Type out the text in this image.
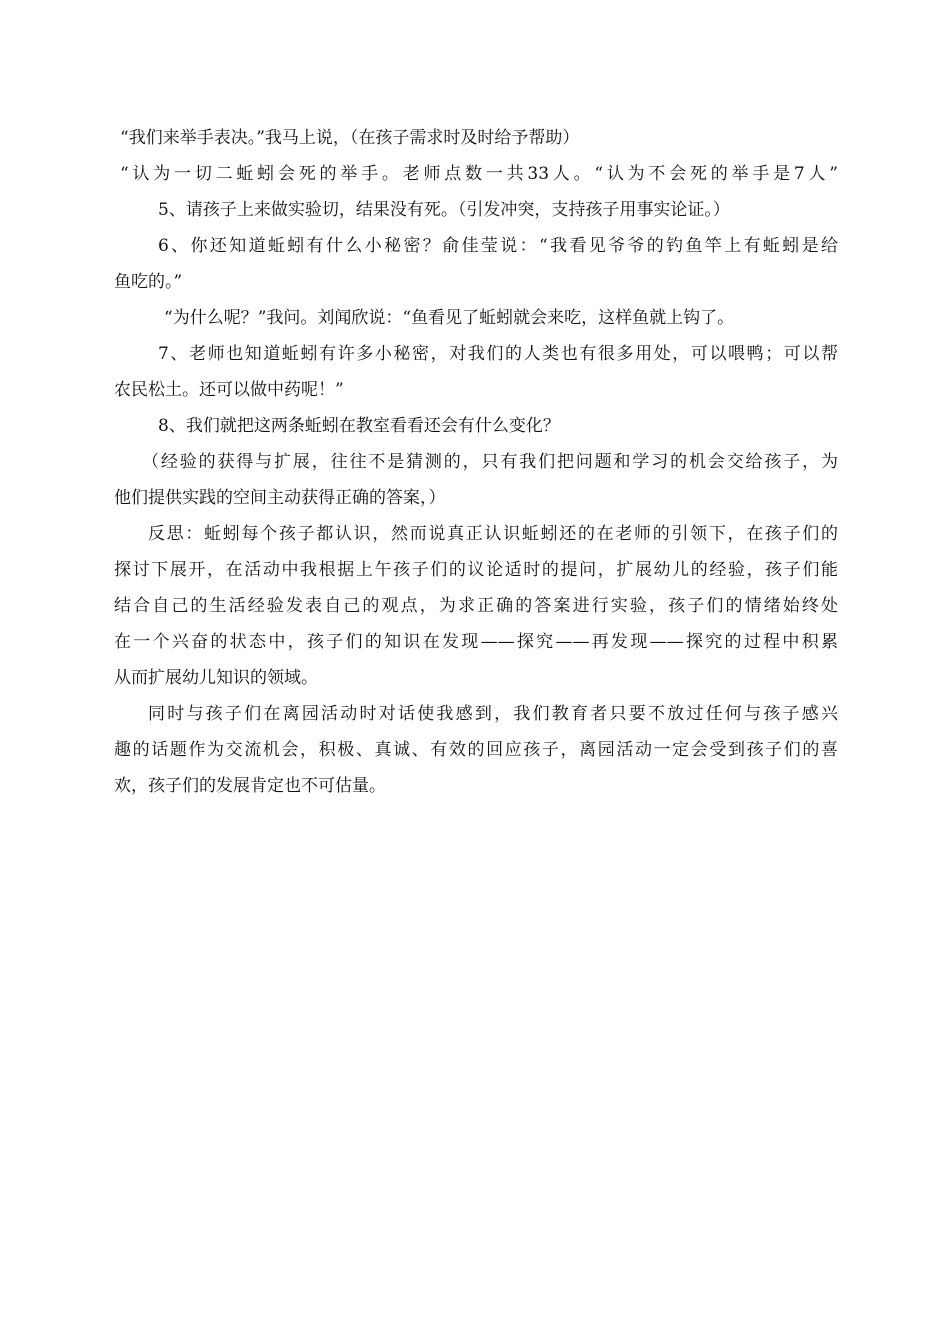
“我们来举手表决。”我马上说，（在孩子需求时及时给予帮助）
“认为一切二蚯蚓会死的举手。老师点数一共33人。“认为不会死的举手是7人”
5、请孩子上来做实验切，结果没有死。（引发冲突，支持孩子用事实论证。）
6、你还知道蚯蚓有什么小秘密？俞佳莹说：“我看见爷爷的钓鱼竿上有蚯蚓是给
鱼吃的。”
“为什么呢？”我问。刘闻欣说：“鱼看见了蚯蚓就会来吃，这样鱼就上钩了。
7、老师也知道蚯蚓有许多小秘密，对我们的人类也有很多用处，可以喂鸭；可以帮
农民松土。还可以做中药呢！”
8、我们就把这两条蚯蚓在教室看看还会有什么变化？
（经验的获得与扩展，往往不是猜测的，只有我们把问题和学习的机会交给孩子，为
他们提供实践的空间主动获得正确的答案，）
反思：蚯蚓每个孩子都认识，然而说真正认识蚯蚓还的在老师的引领下，在孩子们的
探讨下展开，在活动中我根据上午孩子们的议论适时的提问，扩展幼儿的经验，孩子们能
结合自己的生活经验发表自己的观点，为求正确的答案进行实验，孩子们的情绪始终处
在一个兴奋的状态中，孩子们的知识在发现——探究——再发现——探究的过程中积累
从而扩展幼儿知识的领域。
同时与孩子们在离园活动时对话使我感到，我们教育者只要不放过任何与孩子感兴
趣的话题作为交流机会，积极、真诚、有效的回应孩子，离园活动一定会受到孩子们的喜
欢，孩子们的发展肯定也不可估量。
